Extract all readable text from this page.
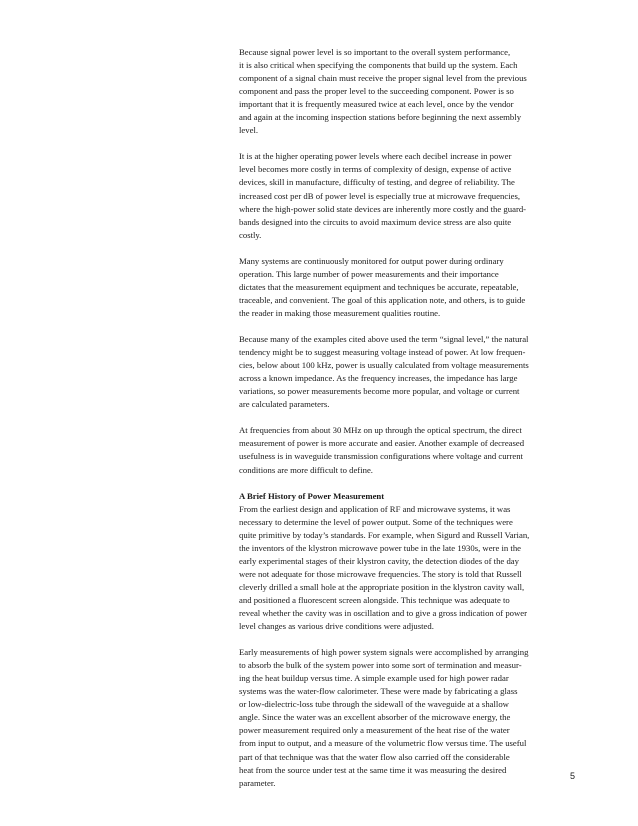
Because signal power level is so important to the overall system performance,
it is also critical when specifying the components that build up the system. Each
component of a signal chain must receive the proper signal level from the previous
component and pass the proper level to the succeeding component. Power is so
important that it is frequently measured twice at each level, once by the vendor
and again at the incoming inspection stations before beginning the next assembly
level.
It is at the higher operating power levels where each decibel increase in power
level becomes more costly in terms of complexity of design, expense of active
devices, skill in manufacture, difficulty of testing, and degree of reliability. The
increased cost per dB of power level is especially true at microwave frequencies,
where the high-power solid state devices are inherently more costly and the guard-
bands designed into the circuits to avoid maximum device stress are also quite
costly.
Many systems are continuously monitored for output power during ordinary
operation. This large number of power measurements and their importance
dictates that the measurement equipment and techniques be accurate, repeatable,
traceable, and convenient. The goal of this application note, and others, is to guide
the reader in making those measurement qualities routine.
Because many of the examples cited above used the term “signal level,” the natural
tendency might be to suggest measuring voltage instead of power. At low frequen-
cies, below about 100 kHz, power is usually calculated from voltage measurements
across a known impedance. As the frequency increases, the impedance has large
variations, so power measurements become more popular, and voltage or current
are calculated parameters.
At frequencies from about 30 MHz on up through the optical spectrum, the direct
measurement of power is more accurate and easier. Another example of decreased
usefulness is in waveguide transmission configurations where voltage and current
conditions are more difficult to define.
A Brief History of Power Measurement
From the earliest design and application of RF and microwave systems, it was
necessary to determine the level of power output. Some of the techniques were
quite primitive by today’s standards. For example, when Sigurd and Russell Varian,
the inventors of the klystron microwave power tube in the late 1930s, were in the
early experimental stages of their klystron cavity, the detection diodes of the day
were not adequate for those microwave frequencies. The story is told that Russell
cleverly drilled a small hole at the appropriate position in the klystron cavity wall,
and positioned a fluorescent screen alongside. This technique was adequate to
reveal whether the cavity was in oscillation and to give a gross indication of power
level changes as various drive conditions were adjusted.
Early measurements of high power system signals were accomplished by arranging
to absorb the bulk of the system power into some sort of termination and measur-
ing the heat buildup versus time. A simple example used for high power radar
systems was the water-flow calorimeter. These were made by fabricating a glass
or low-dielectric-loss tube through the sidewall of the waveguide at a shallow
angle. Since the water was an excellent absorber of the microwave energy, the
power measurement required only a measurement of the heat rise of the water
from input to output, and a measure of the volumetric flow versus time. The useful
part of that technique was that the water flow also carried off the considerable
heat from the source under test at the same time it was measuring the desired
parameter.
5
